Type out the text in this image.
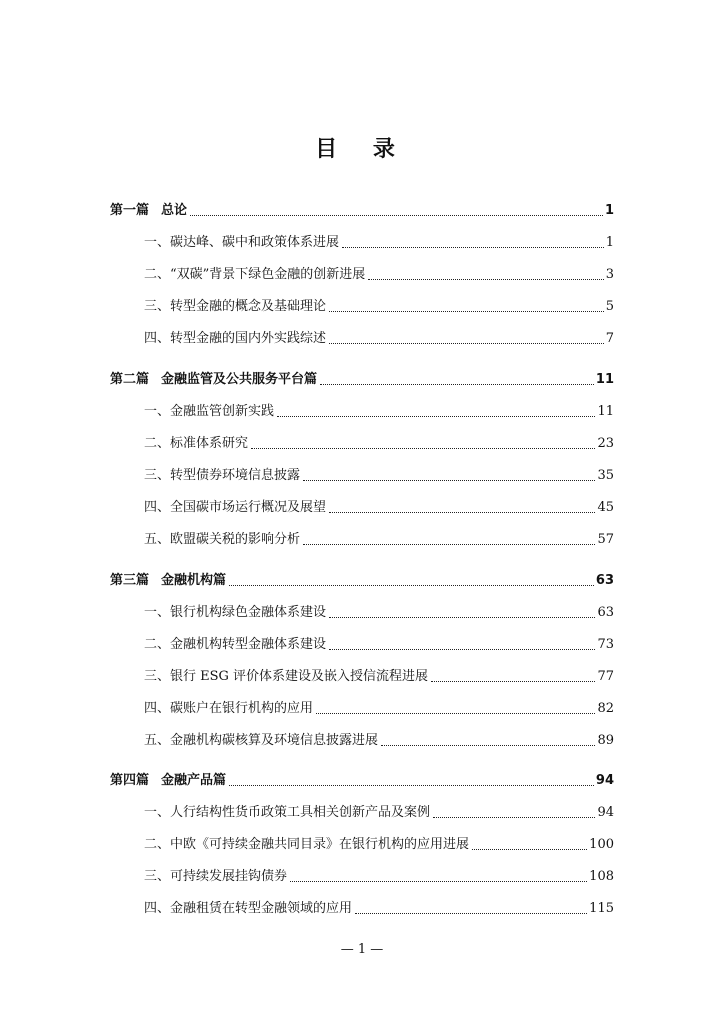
目 录
第一篇 总论	1
一、碳达峰、碳中和政策体系进展	1
二、“双碳”背景下绿色金融的创新进展	3
三、转型金融的概念及基础理论	5
四、转型金融的国内外实践综述	7
第二篇 金融监管及公共服务平台篇	11
一、金融监管创新实践	11
二、标准体系研究	23
三、转型债券环境信息披露	35
四、全国碳市场运行概况及展望	45
五、欧盟碳关税的影响分析	57
第三篇 金融机构篇	63
一、银行机构绿色金融体系建设	63
二、金融机构转型金融体系建设	73
三、银行 ESG 评价体系建设及嵌入授信流程进展	77
四、碳账户在银行机构的应用	82
五、金融机构碳核算及环境信息披露进展	89
第四篇 金融产品篇	94
一、人行结构性货币政策工具相关创新产品及案例	94
二、中欧《可持续金融共同目录》在银行机构的应用进展	100
三、可持续发展挂钩债券	108
四、金融租赁在转型金融领域的应用	115
— 1 —
